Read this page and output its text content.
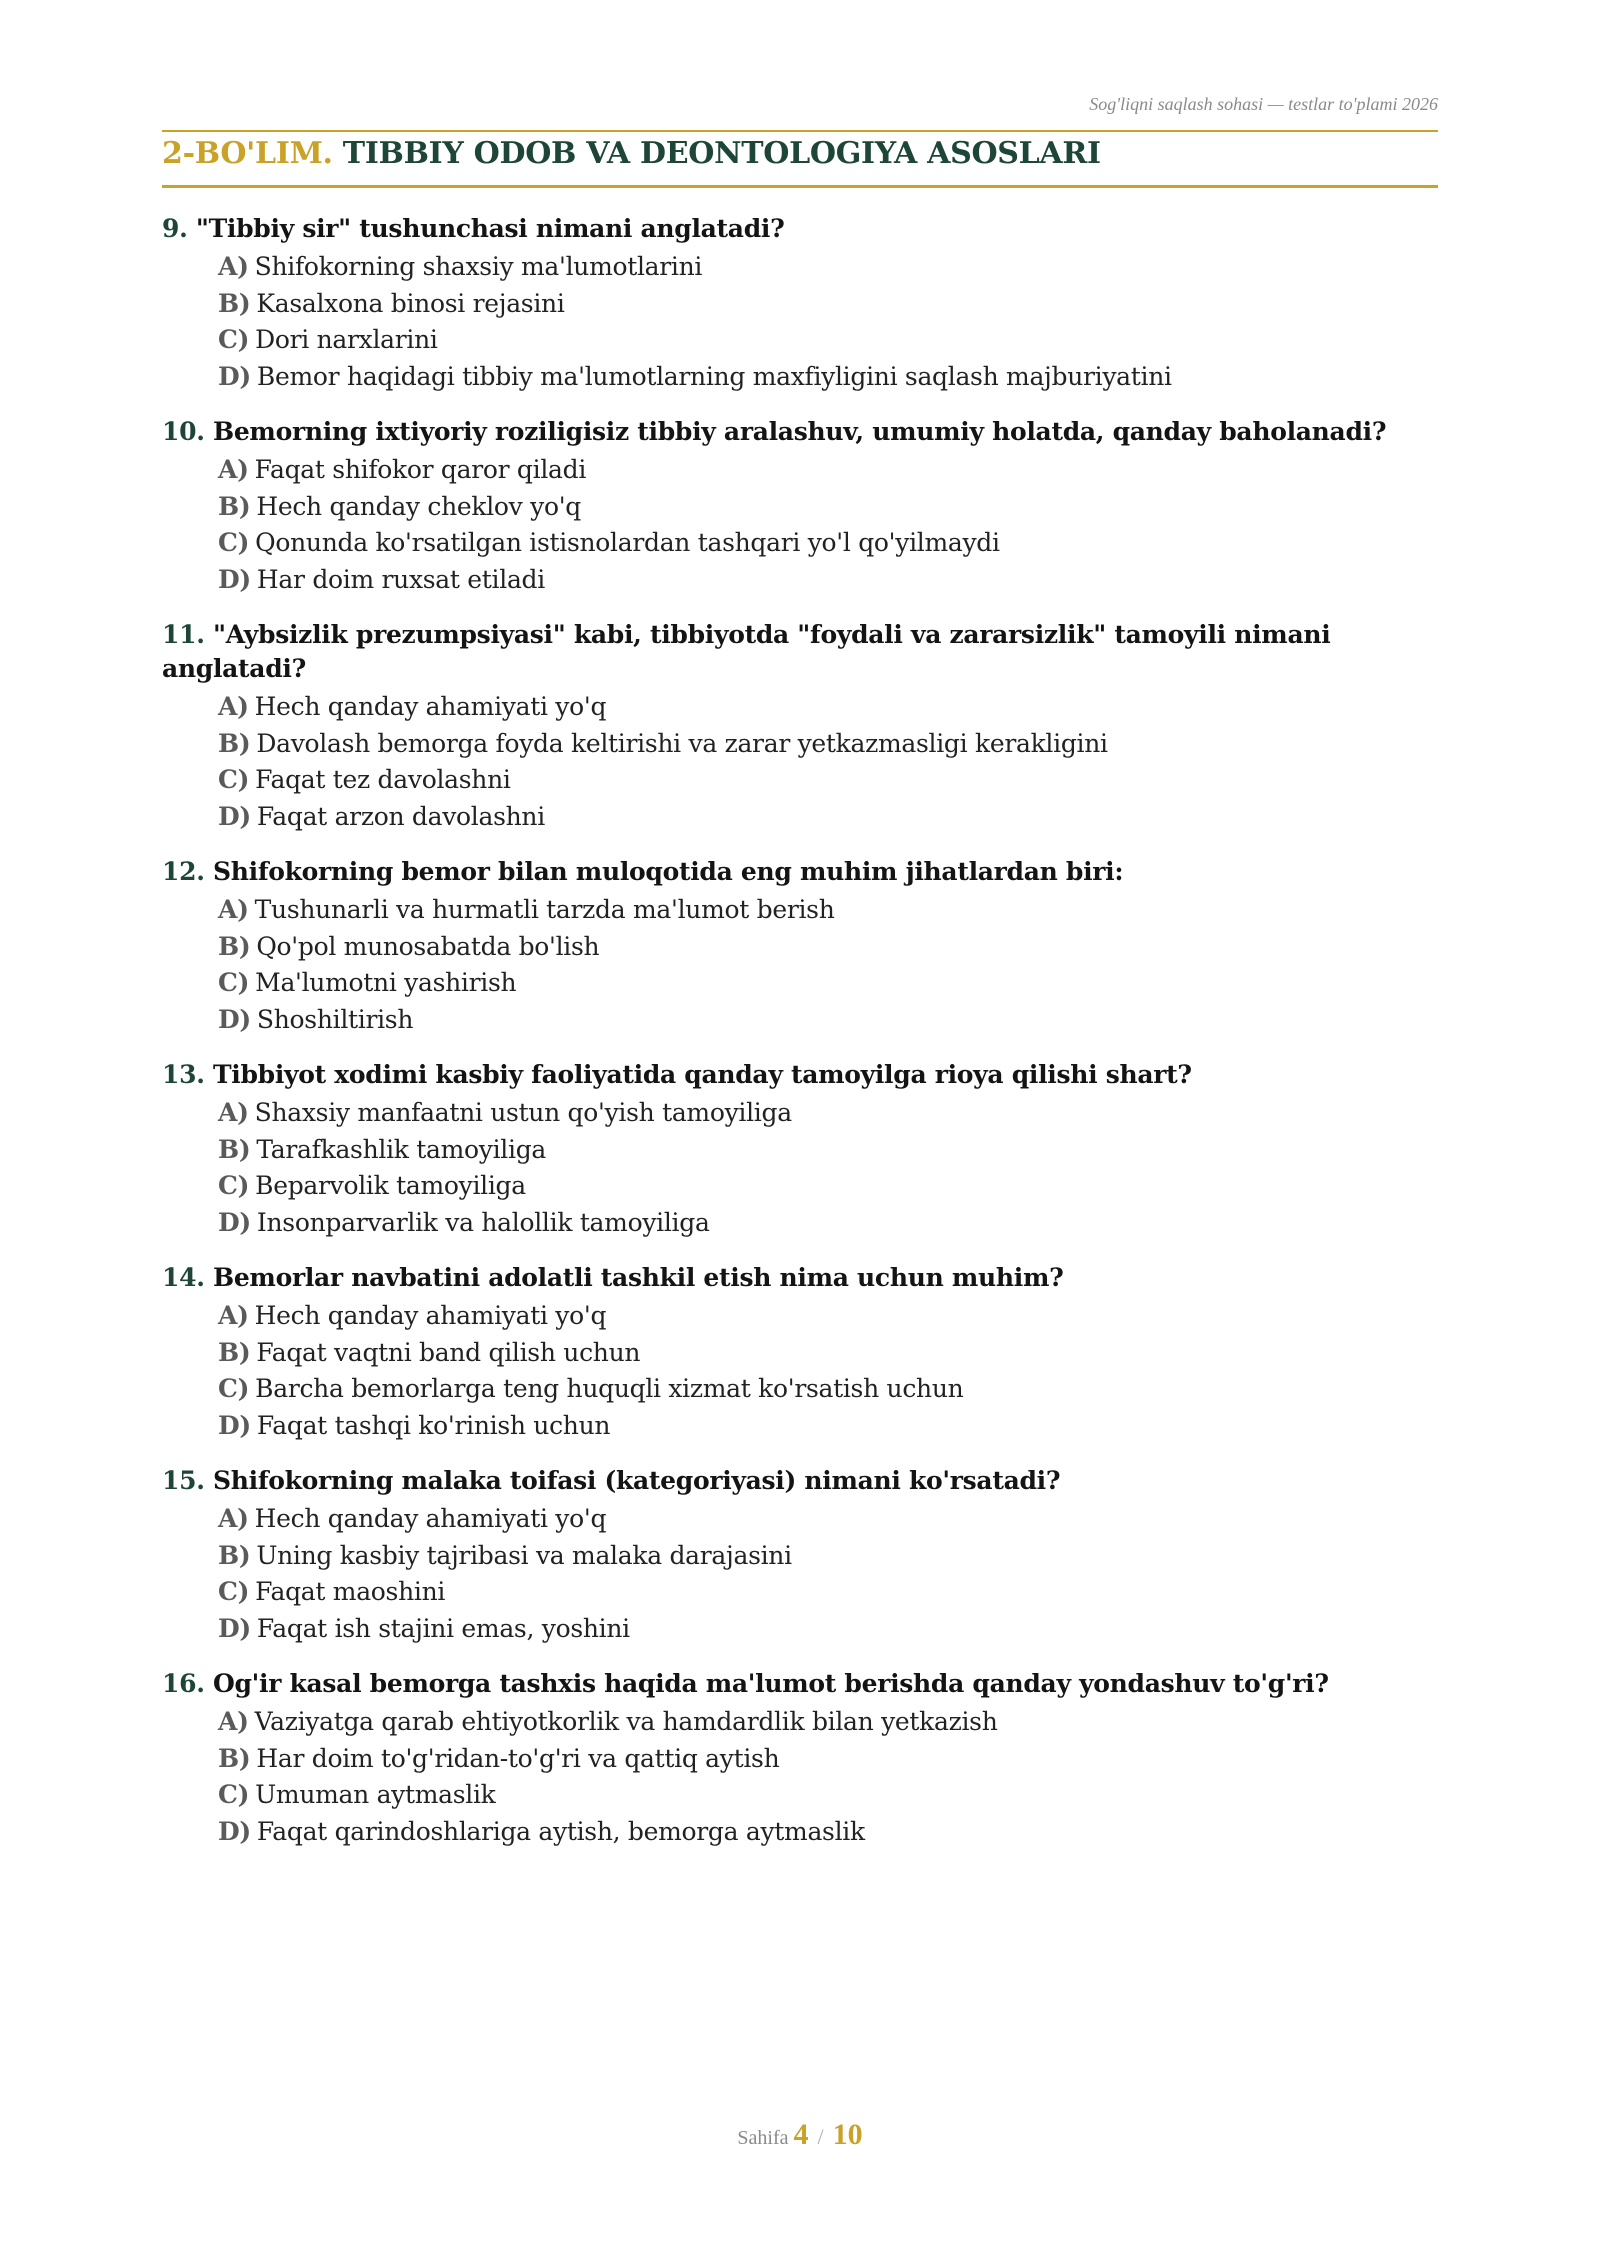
Sog'liqni saqlash sohasi — testlar to'plami 2026
2-BO'LIM. TIBBIY ODOB VA DEONTOLOGIYA ASOSLARI
9. "Tibbiy sir" tushunchasi nimani anglatadi?
A) Shifokorning shaxsiy ma'lumotlarini
B) Kasalxona binosi rejasini
C) Dori narxlarini
D) Bemor haqidagi tibbiy ma'lumotlarning maxfiyligini saqlash majburiyatini
10. Bemorning ixtiyoriy roziligisiz tibbiy aralashuv, umumiy holatda, qanday baholanadi?
A) Faqat shifokor qaror qiladi
B) Hech qanday cheklov yo'q
C) Qonunda ko'rsatilgan istisnolardan tashqari yo'l qo'yilmaydi
D) Har doim ruxsat etiladi
11. "Aybsizlik prezumpsiyasi" kabi, tibbiyotda "foydali va zararsizlik" tamoyili nimani anglatadi?
A) Hech qanday ahamiyati yo'q
B) Davolash bemorga foyda keltirishi va zarar yetkazmasligi kerakligini
C) Faqat tez davolashni
D) Faqat arzon davolashni
12. Shifokorning bemor bilan muloqotida eng muhim jihatlardan biri:
A) Tushunarli va hurmatli tarzda ma'lumot berish
B) Qo'pol munosabatda bo'lish
C) Ma'lumotni yashirish
D) Shoshiltirish
13. Tibbiyot xodimi kasbiy faoliyatida qanday tamoyilga rioya qilishi shart?
A) Shaxsiy manfaatni ustun qo'yish tamoyiliga
B) Tarafkashlik tamoyiliga
C) Beparvolik tamoyiliga
D) Insonparvarlik va halollik tamoyiliga
14. Bemorlar navbatini adolatli tashkil etish nima uchun muhim?
A) Hech qanday ahamiyati yo'q
B) Faqat vaqtni band qilish uchun
C) Barcha bemorlarga teng huquqli xizmat ko'rsatish uchun
D) Faqat tashqi ko'rinish uchun
15. Shifokorning malaka toifasi (kategoriyasi) nimani ko'rsatadi?
A) Hech qanday ahamiyati yo'q
B) Uning kasbiy tajribasi va malaka darajasini
C) Faqat maoshini
D) Faqat ish stajini emas, yoshini
16. Og'ir kasal bemorga tashxis haqida ma'lumot berishda qanday yondashuv to'g'ri?
A) Vaziyatga qarab ehtiyotkorlik va hamdardlik bilan yetkazish
B) Har doim to'g'ridan-to'g'ri va qattiq aytish
C) Umuman aytmaslik
D) Faqat qarindoshlariga aytish, bemorga aytmaslik
Sahifa 4 / 10
